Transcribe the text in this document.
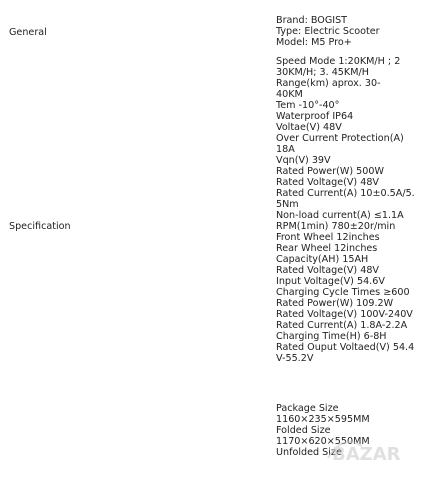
General
Brand: BOGIST
Type: Electric Scooter
Model: M5 Pro+
Specification
Speed Mode 1:20KM/H ; 2
30KM/H; 3. 45KM/H
Range(km) aprox. 30-
40KM
Tem -10°-40°
Waterproof IP64
Voltae(V) 48V
Over Current Protection(A)
18A
Vqn(V) 39V
Rated Power(W) 500W
Rated Voltage(V) 48V
Rated Current(A) 10±0.5A/5.
5Nm
Non-load current(A) ≤1.1A
RPM(1min) 780±20r/min
Front Wheel 12inches
Rear Wheel 12inches
Capacity(AH) 15AH
Rated Voltage(V) 48V
Input Voltage(V) 54.6V
Charging Cycle Times ≥600
Rated Power(W) 109.2W
Rated Voltage(V) 100V-240V
Rated Current(A) 1.8A-2.2A
Charging Time(H) 6-8H
Rated Ouput Voltaed(V) 54.4
V-55.2V
Package Size
1160×235×595MM
Folded Size
1170×620×550MM
Unfolded Size
BAZAR
